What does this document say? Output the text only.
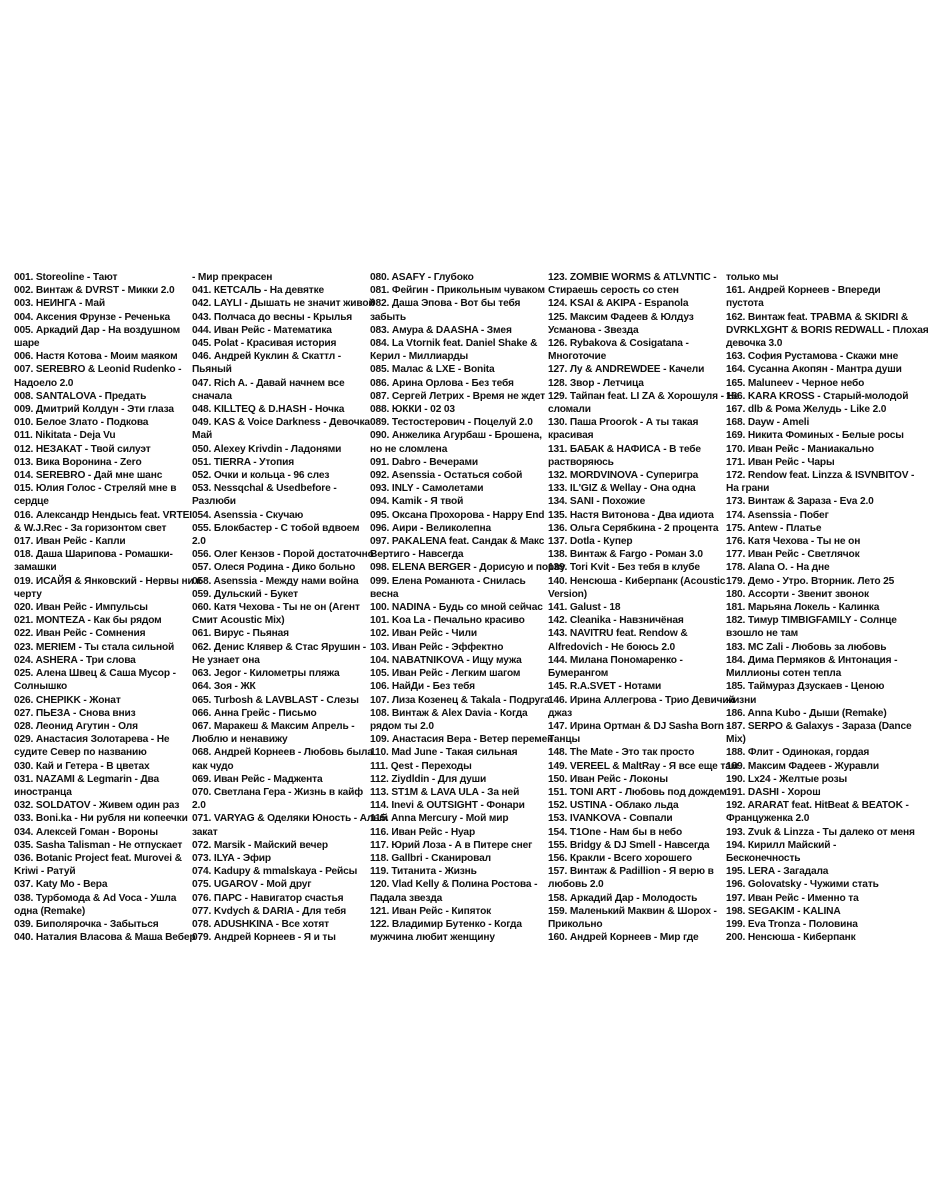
001. Storeoline - Тают
002. Винтаж & DVRST - Микки 2.0
003. НЕИНГА - Май
004. Аксения Фрунзе - Реченька
005. Аркадий Дар - На воздушном
шаре
006. Настя Котова - Моим маяком
007. SEREBRO & Leonid Rudenko -
Надоело 2.0
008. SANTALOVA - Предать
009. Дмитрий Колдун - Эти глаза
010. Белое Злато - Подкова
011. Nikitata - Deja Vu
012. НЕЗАКАТ - Твой силуэт
013. Вика Воронина - Zero
014. SEREBRO - Дай мне шанс
015. Юлия Голос - Стреляй мне в
сердце
016. Александр Нендысь feat. VRTEI
& W.J.Rec - За горизонтом свет
017. Иван Рейс - Капли
018. Даша Шарипова - Ромашки-
замашки
019. ИСАЙЯ & Янковский - Нервы ни к
черту
020. Иван Рейс - Импульсы
021. MONTEZA - Как бы рядом
022. Иван Рейс - Сомнения
023. MERIEM - Ты стала сильной
024. ASHERA - Три слова
025. Алена Швец & Саша Мусор -
Солнышко
026. CHEPIKK - Жонат
027. ПЬЕЗА - Снова вниз
028. Леонид Агутин - Оля
029. Анастасия Золотарева - Не
судите Север по названию
030. Кай и Гетера - В цветах
031. NAZAMI & Legmarin - Два
иностранца
032. SOLDATOV - Живем один раз
033. Boni.ka - Ни рубля ни копеечки
034. Алексей Гоман - Вороны
035. Sasha Talisman - Не отпускает
036. Botanic Project feat. Murovei &
Kriwi - Ратуй
037. Katy Mo - Вера
038. Турбомода & Ad Voca - Ушла
одна (Remake)
039. Биполярочка - Забыться
040. Наталия Власова & Маша Вебер
- Мир прекрасен
041. КЕТСАЛЬ - На девятке
042. LAYLI - Дышать не значит живой
043. Полчаса до весны - Крылья
044. Иван Рейс - Математика
045. Polat - Красивая история
046. Андрей Куклин & Скаттл -
Пьяный
047. Rich A. - Давай начнем все
сначала
048. KILLTEQ & D.HASH - Ночка
049. KAS & Voice Darkness - Девочка
Май
050. Alexey Krivdin - Ладонями
051. TIERRA - Утопия
052. Очки и кольца - 96 слез
053. Nessqchal & Usedbefore -
Разлюби
054. Asenssia - Скучаю
055. Блокбастер - С тобой вдвоем
2.0
056. Олег Кензов - Порой достаточно
057. Олеся Родина - Дико больно
058. Asenssia - Между нами война
059. Дульский - Букет
060. Катя Чехова - Ты не он (Агент
Смит Acoustic Mix)
061. Вирус - Пьяная
062. Денис Клявер & Стас Ярушин -
Не узнает она
063. Jegor - Километры пляжа
064. Зоя - ЖК
065. Turbosh & LAVBLAST - Слезы
066. Анна Грейс - Письмо
067. Маракеш & Максим Апрель -
Люблю и ненавижу
068. Андрей Корнеев - Любовь была
как чудо
069. Иван Рейс - Маджента
070. Светлана Гера - Жизнь в кайф
2.0
071. VARYAG & Оделяки Юность - Алый
закат
072. Marsik - Майский вечер
073. ILYA - Эфир
074. Kadupy & mmalskaya - Рейсы
075. UGAROV - Мой друг
076. ПАРС - Навигатор счастья
077. Kvdych & DARIA - Для тебя
078. ADUSHKINA - Все хотят
079. Андрей Корнеев - Я и ты
080. ASAFY - Глубоко
081. Фейгин - Прикольным чуваком
082. Даша Эпова - Вот бы тебя
забыть
083. Амура & DAASHA - Змея
084. La Vtornik feat. Daniel Shake &
Керил - Миллиарды
085. Малас & LXE - Bonita
086. Арина Орлова - Без тебя
087. Сергей Летрих - Время не ждет
088. ЮККИ - 02 03
089. Тестостерович - Поцелуй 2.0
090. Анжелика Агурбаш - Брошена,
но не сломлена
091. Dabro - Вечерами
092. Asenssia - Остаться собой
093. INLY - Самолетами
094. Kamik - Я твой
095. Оксана Прохорова - Happy End
096. Аири - Великолепна
097. PAKALENA feat. Сандак & Макс
Вертиго - Навсегда
098. ELENA BERGER - Дорисую и порву
099. Елена Романюта - Снилась
весна
100. NADINA - Будь со мной сейчас
101. Koa La - Печально красиво
102. Иван Рейс - Чили
103. Иван Рейс - Эффектно
104. NABATNIKOVA - Ищу мужа
105. Иван Рейс - Легким шагом
106. НайДи - Без тебя
107. Лиза Козенец & Takala - Подруга
108. Винтаж & Alex Davia - Когда
рядом ты 2.0
109. Анастасия Вера - Ветер перемен
110. Mad June - Такая сильная
111. Qest - Переходы
112. Ziydldin - Для души
113. ST1M & LAVA ULA - За ней
114. Inevi & OUTSIGHT - Фонари
115. Anna Mercury - Мой мир
116. Иван Рейс - Нуар
117. Юрий Лоза - А в Питере снег
118. Gallbri - Сканировал
119. Титанита - Жизнь
120. Vlad Kelly & Полина Ростова -
Падала звезда
121. Иван Рейс - Кипяток
122. Владимир Бутенко - Когда
мужчина любит женщину
123. ZOMBIE WORMS & ATLVNTIC -
Стираешь серость со стен
124. KSAI & AKIPA - Espanola
125. Максим Фадеев & Юлдуз
Усманова - Звезда
126. Rybakova & Cosigatana -
Многоточие
127. Лу & ANDREWDEE - Качели
128. Звор - Летчица
129. Тайпан feat. LI ZA & Хорошуля - Не
сломали
130. Паша Proorok - А ты такая
красивая
131. БАБАК & НАФИСА - В тебе
растворяюсь
132. MORDVINOVA - Суперигра
133. IL'GIZ & Wellay - Она одна
134. SANI - Похожие
135. Настя Витонова - Два идиота
136. Ольга Серябкина - 2 процента
137. Dotla - Купер
138. Винтаж & Fargo - Роман 3.0
139. Tori Kvit - Без тебя в клубе
140. Ненсюша - Киберпанк (Acoustic
Version)
141. Galust - 18
142. Cleanika - Навзничёная
143. NAVITRU feat. Rendow &
Alfredovich - Не боюсь 2.0
144. Милана Пономаренко -
Бумерангом
145. R.A.SVET - Нотами
146. Ирина Аллегрова - Трио Девичий
джаз
147. Ирина Ортман & DJ Sasha Born -
Танцы
148. The Mate - Это так просто
149. VEREEL & MaltRay - Я все еще там
150. Иван Рейс - Локоны
151. TONI ART - Любовь под дождем
152. USTINA - Облако льда
153. IVANKOVA - Совпали
154. T1One - Нам бы в небо
155. Bridgy & DJ Smell - Навсегда
156. Кракли - Всего хорошего
157. Винтаж & Padillion - Я верю в
любовь 2.0
158. Аркадий Дар - Молодость
159. Маленький Маквин & Шорох -
Прикольно
160. Андрей Корнеев - Мир где
только мы
161. Андрей Корнеев - Впереди
пустота
162. Винтаж feat. ТРАВМА & SKIDRI &
DVRKLXGHT & BORIS REDWALL - Плохая
девочка 3.0
163. София Рустамова - Скажи мне
164. Сусанна Акопян - Мантра души
165. Maluneev - Черное небо
166. KARA KROSS - Старый-молодой
167. dlb & Рома Желудь - Like 2.0
168. Dayw - Ameli
169. Никита Фоминых - Белые росы
170. Иван Рейс - Маниакально
171. Иван Рейс - Чары
172. Rendow feat. Linzza & ISVNBITOV -
На грани
173. Винтаж & Зараза - Eva 2.0
174. Asenssia - Побег
175. Antew - Платье
176. Катя Чехова - Ты не он
177. Иван Рейс - Светлячок
178. Alana O. - На дне
179. Демо - Утро. Вторник. Лето 25
180. Ассорти - Звенит звонок
181. Марьяна Локель - Калинка
182. Тимур TIMBIGFAMILY - Солнце
взошло не там
183. MC Zali - Любовь за любовь
184. Дима Пермяков & Интонация -
Миллионы сотен тепла
185. Таймураз Дзускаев - Ценою
жизни
186. Anna Kubo - Дыши (Remake)
187. SERPO & Galaxys - Зараза (Dance
Mix)
188. Флит - Одинокая, гордая
189. Максим Фадеев - Журавли
190. Lx24 - Желтые розы
191. DASHI - Хорош
192. ARARAT feat. HitBeat & BEATOK -
Француженка 2.0
193. Zvuk & Linzza - Ты далеко от меня
194. Кирилл Майский -
Бесконечность
195. LERA - Загадала
196. Golovatsky - Чужими стать
197. Иван Рейс - Именно та
198. SEGAKIM - KALINA
199. Eva Tronza - Половина
200. Ненсюша - Киберпанк
